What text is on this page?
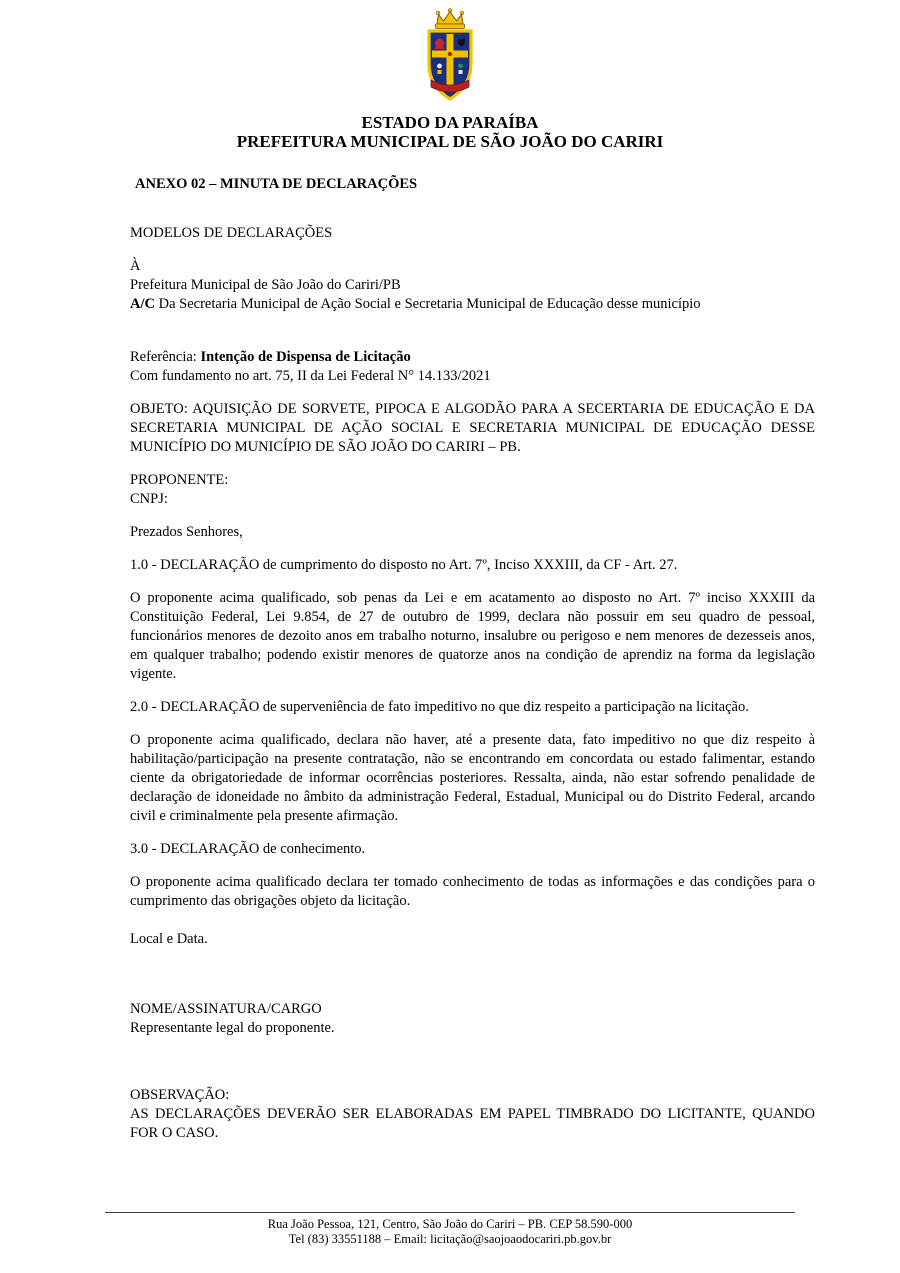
ESTADO DA PARAÍBA

PREFEITURA MUNICIPAL DE SÃO JOÃO DO CARIRI

ANEXO 02 – MINUTA DE DECLARAÇÕES

MODELOS DE DECLARAÇÕES

À

Prefeitura Municipal de São João do Cariri/PB

A/C Da Secretaria Municipal de Ação Social e Secretaria Municipal de Educação desse município

Referência: Intenção de Dispensa de Licitação

Com fundamento no art. 75, II da Lei Federal N° 14.133/2021

OBJETO: AQUISIÇÃO DE SORVETE, PIPOCA E ALGODÃO PARA A SECERTARIA DE EDUCAÇÃO E DA SECRETARIA MUNICIPAL DE AÇÃO SOCIAL E SECRETARIA MUNICIPAL DE EDUCAÇÃO DESSE MUNICÍPIO DO MUNICÍPIO DE SÃO JOÃO DO CARIRI – PB.

PROPONENTE:

CNPJ:

Prezados Senhores,

1.0 - DECLARAÇÃO de cumprimento do disposto no Art. 7º, Inciso XXXIII, da CF - Art. 27.

O proponente acima qualificado, sob penas da Lei e em acatamento ao disposto no Art. 7º inciso XXXIII da Constituição Federal, Lei 9.854, de 27 de outubro de 1999, declara não possuir em seu quadro de pessoal, funcionários menores de dezoito anos em trabalho noturno, insalubre ou perigoso e nem menores de dezesseis anos, em qualquer trabalho; podendo existir menores de quatorze anos na condição de aprendiz na forma da legislação vigente.

2.0 - DECLARAÇÃO de superveniência de fato impeditivo no que diz respeito a participação na licitação.

O proponente acima qualificado, declara não haver, até a presente data, fato impeditivo no que diz respeito à habilitação/participação na presente contratação, não se encontrando em concordata ou estado falimentar, estando ciente da obrigatoriedade de informar ocorrências posteriores. Ressalta, ainda, não estar sofrendo penalidade de declaração de idoneidade no âmbito da administração Federal, Estadual, Municipal ou do Distrito Federal, arcando civil e criminalmente pela presente afirmação.

3.0 - DECLARAÇÃO de conhecimento.

O proponente acima qualificado declara ter tomado conhecimento de todas as informações e das condições para o cumprimento das obrigações objeto da licitação.

Local e Data.

NOME/ASSINATURA/CARGO

Representante legal do proponente.

OBSERVAÇÃO:

AS DECLARAÇÕES DEVERÃO SER ELABORADAS EM PAPEL TIMBRADO DO LICITANTE, QUANDO FOR O CASO.

Rua João Pessoa, 121, Centro, São João do Cariri – PB. CEP 58.590-000

Tel (83) 33551188 – Email: licitação@saojoaodocariri.pb.gov.br
